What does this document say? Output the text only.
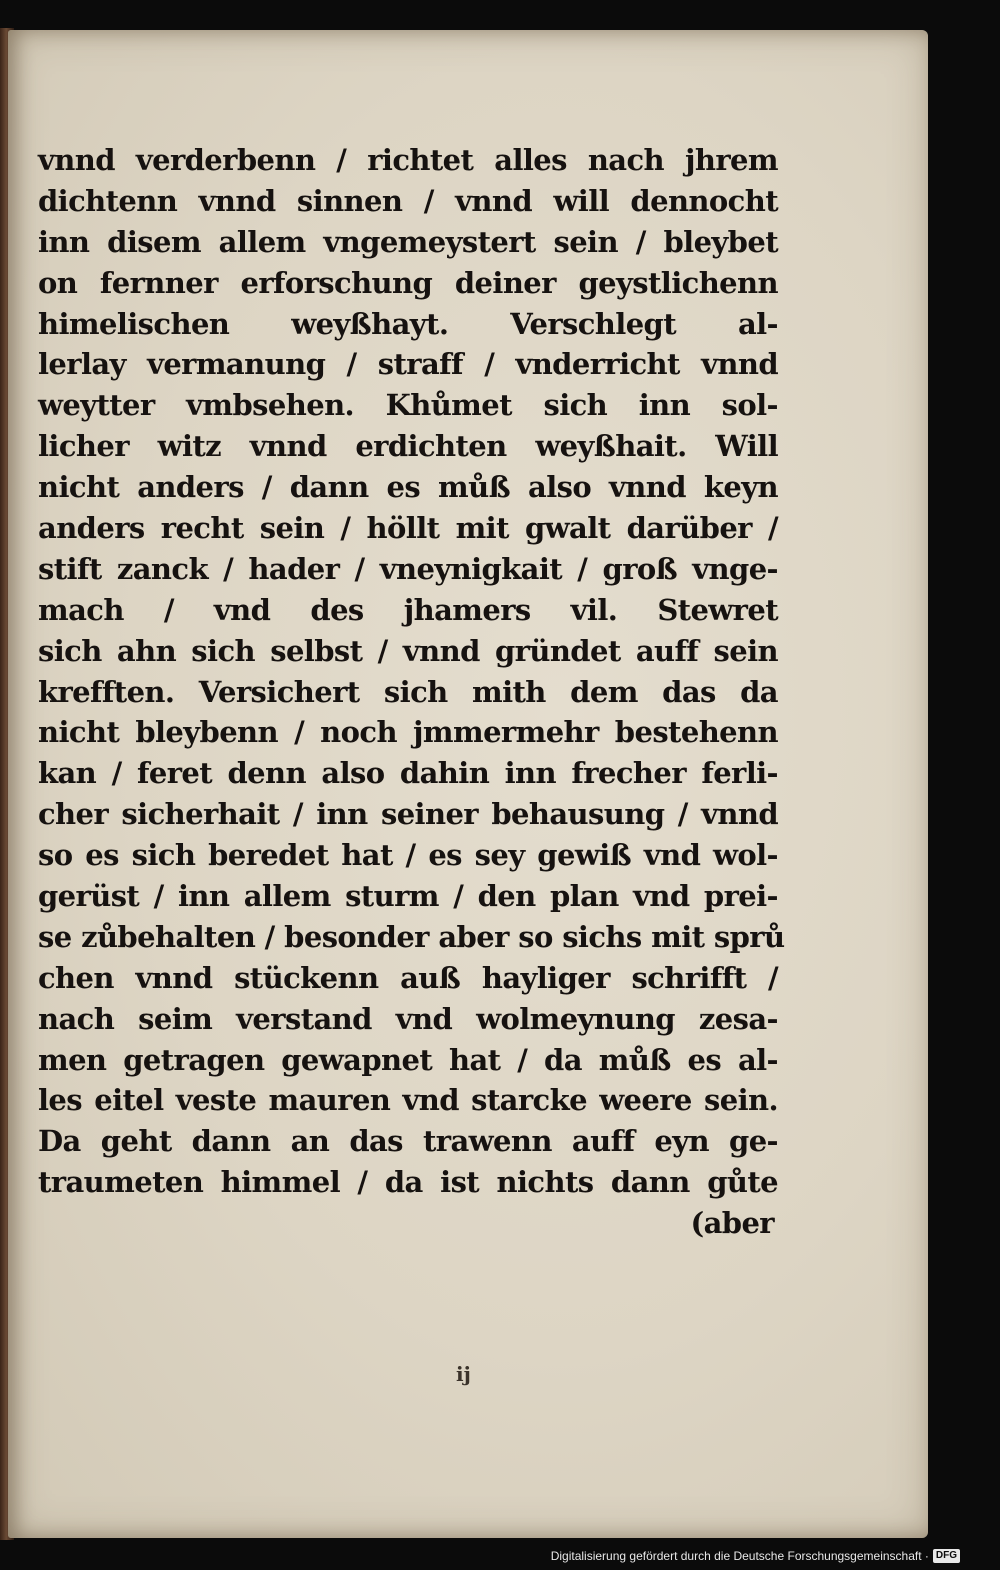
vnnd verderbenn / richtet alles nach jhrem
dichtenn vnnd sinnen / vnnd will dennocht
inn disem allem vngemeystert sein / bleybet
on fernner erforschung deiner geystlichenn
himelischen weyßhayt. Verschlegt al-
lerlay vermanung / straff / vnderricht vnnd
weytter vmbsehen. Khůmet sich inn sol-
licher witz vnnd erdichten weyßhait. Will
nicht anders / dann es můß also vnnd keyn
anders recht sein / höllt mit gwalt darüber /
stift zanck / hader / vneynigkait / groß vnge-
mach / vnd des jhamers vil. Stewret
sich ahn sich selbst / vnnd gründet auff sein
krefften. Versichert sich mith dem das da
nicht bleybenn / noch jmmermehr bestehenn
kan / feret denn also dahin inn frecher ferli-
cher sicherhait / inn seiner behausung / vnnd
so es sich beredet hat / es sey gewiß vnd wol-
gerüst / inn allem sturm / den plan vnd prei-
se zůbehalten / besonder aber so sichs mit sprů
chen vnnd stückenn auß hayliger schrifft /
nach seim verstand vnd wolmeynung zesa-
men getragen gewapnet hat / da můß es al-
les eitel veste mauren vnd starcke weere sein.
Da geht dann an das trawenn auff eyn ge-
traumeten himmel / da ist nichts dann gůte
(aber
ij
Digitalisierung gefördert durch die Deutsche Forschungsgemeinschaft · DFG
